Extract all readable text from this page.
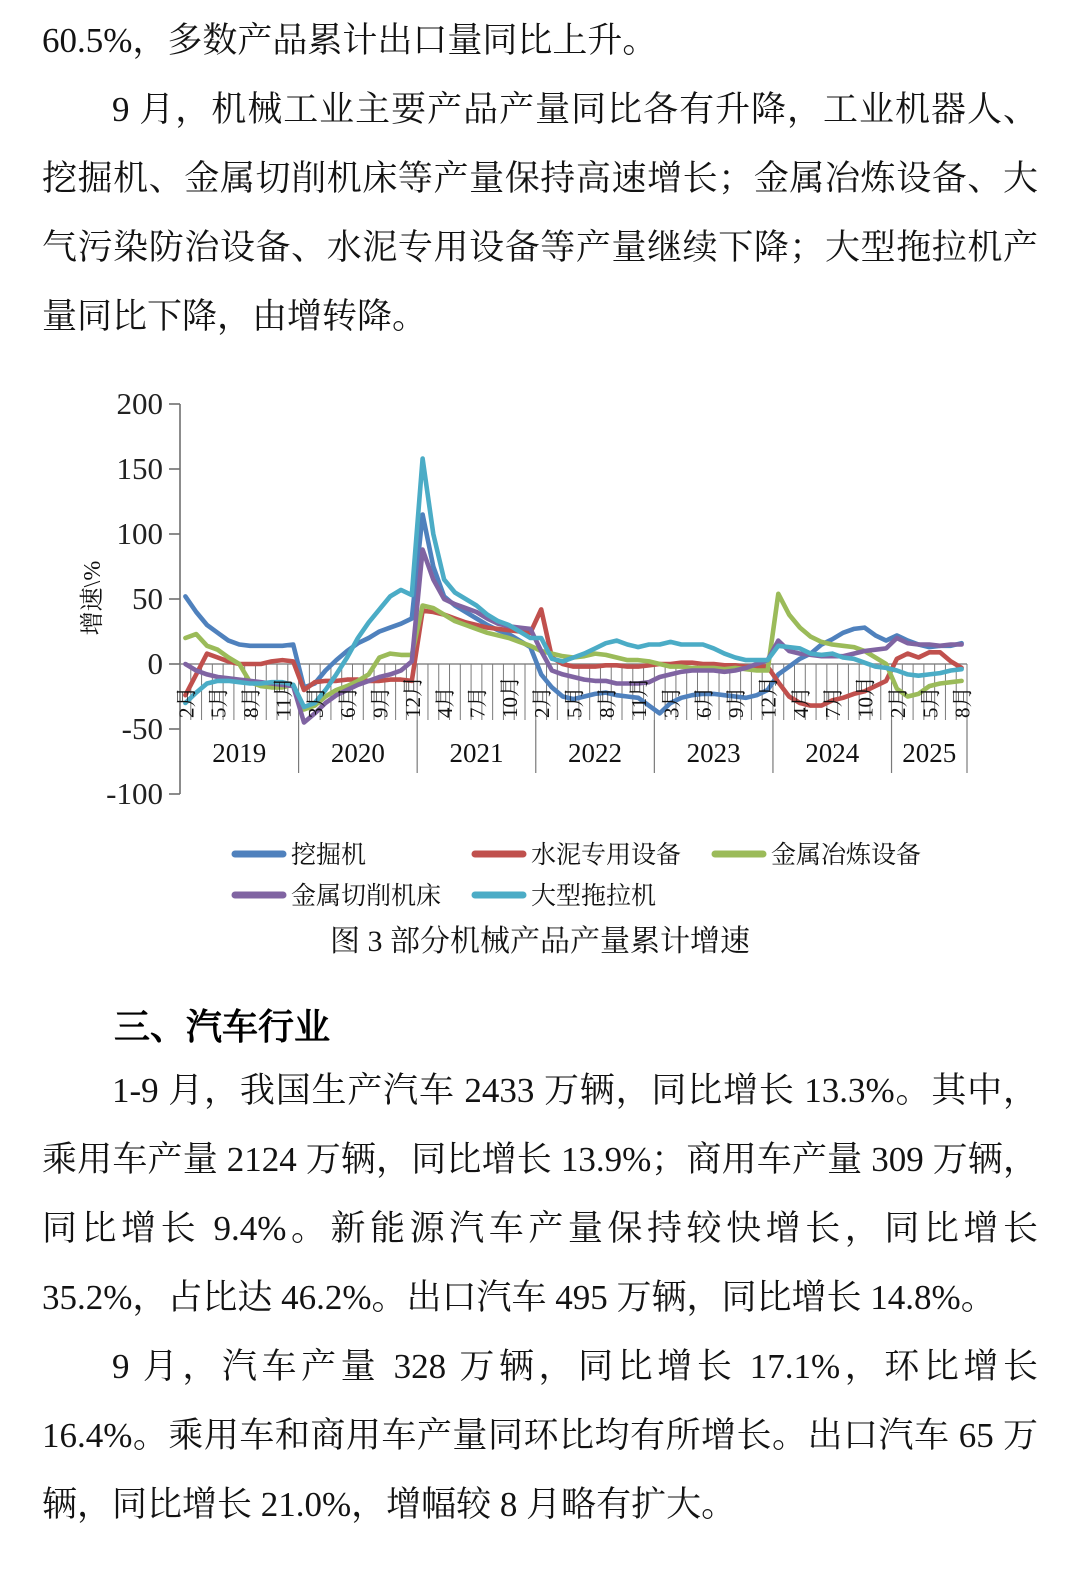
60.5%，多数产品累计出口量同比上升。

9 月，机械工业主要产品产量同比各有升降，工业机器人、挖掘机、金属切削机床等产量保持高速增长；金属冶炼设备、大气污染防治设备、水泥专用设备等产量继续下降；大型拖拉机产量同比下降，由增转降。

200
150
100
50
0
-50
-100
2019 2020 2021 2022 2023 2024 2025
2月 5月 8月 11月 3月 6月 9月 12月 4月 7月 10月 2月 5月 8月 11月 3月 6月 9月 12月 4月 7月 10月 2月 5月 8月
增速\%
挖掘机	水泥专用设备	金属冶炼设备
金属切削机床	大型拖拉机
图 3 部分机械产品产量累计增速
三、汽车行业

1-9 月，我国生产汽车 2433 万辆，同比增长 13.3%。其中，乘用车产量 2124 万辆，同比增长 13.9%；商用车产量 309 万辆，同比增长 9.4%。新能源汽车产量保持较快增长，同比增长 35.2%，占比达 46.2%。出口汽车 495 万辆，同比增长 14.8%。

9 月，汽车产量 328 万辆，同比增长 17.1%，环比增长 16.4%。乘用车和商用车产量同环比均有所增长。出口汽车 65 万辆，同比增长 21.0%，增幅较 8 月略有扩大。
